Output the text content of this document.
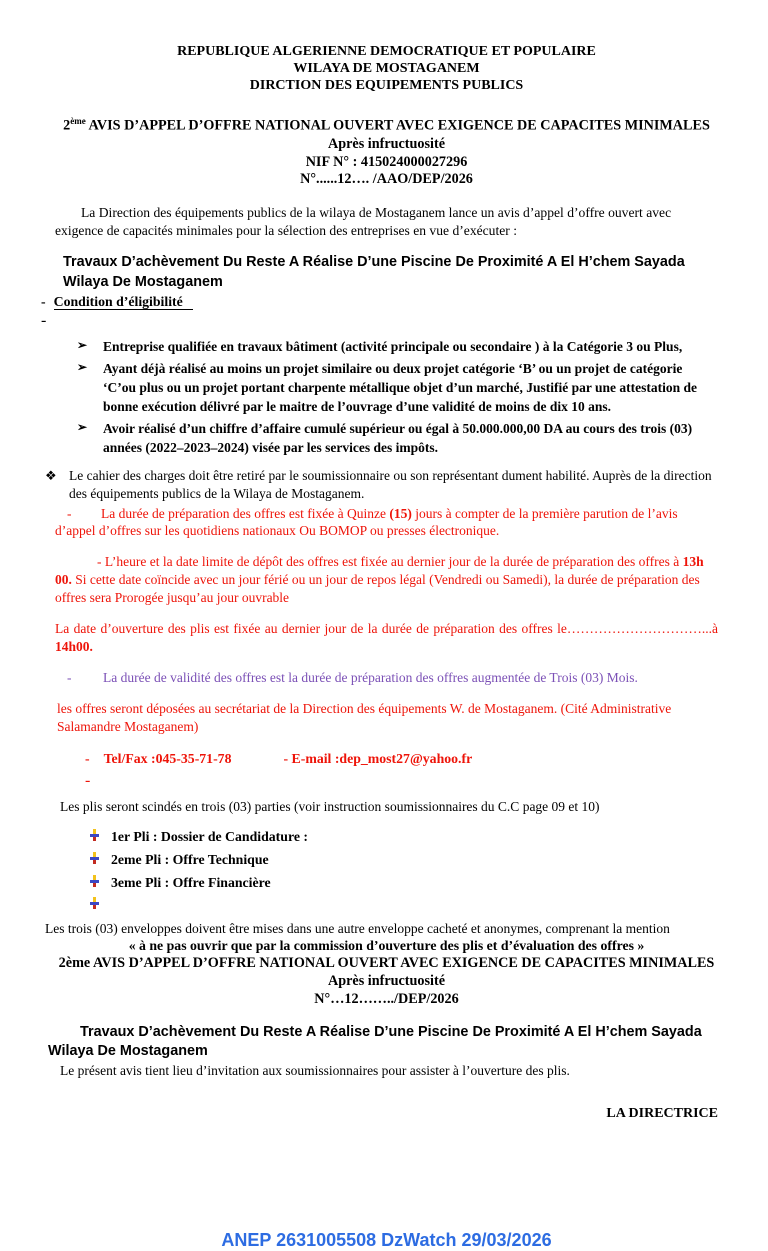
REPUBLIQUE ALGERIENNE DEMOCRATIQUE ET POPULAIRE
WILAYA DE MOSTAGANEM
DIRCTION DES EQUIPEMENTS PUBLICS
2ème AVIS D’APPEL D’OFFRE NATIONAL OUVERT AVEC EXIGENCE DE CAPACITES MINIMALES
Après infructuosité
NIF N° : 415024000027296
N°......12…. /AAO/DEP/2026

La Direction des équipements publics de la wilaya de Mostaganem lance un avis d’appel d’offre ouvert avec exigence de capacités minimales pour la sélection des entreprises en vue d’exécuter :

Travaux D’achèvement Du Reste A Réalise D’une Piscine De Proximité A El H’chem Sayada Wilaya De Mostaganem
- Condition d’éligibilité
-
➢ Entreprise qualifiée en travaux bâtiment (activité principale ou secondaire ) à la Catégorie 3 ou Plus,
➢ Ayant déjà réalisé au moins un projet similaire ou deux projet catégorie ‘B’ ou un projet de catégorie ‘C’ou plus ou un projet portant charpente métallique objet d’un marché, Justifié par une attestation de bonne exécution délivré par le maitre de l’ouvrage d’une validité de moins de dix 10 ans.
➢ Avoir réalisé d’un chiffre d’affaire cumulé supérieur ou égal à 50.000.000,00 DA au cours des trois (03) années (2022–2023–2024) visée par les services des impôts.
❖ Le cahier des charges doit être retiré par le soumissionnaire ou son représentant dument habilité. Auprès de la direction des équipements publics de la Wilaya de Mostaganem.

- La durée de préparation des offres est fixée à Quinze (15) jours à compter de la première parution de l’avis d’appel d’offres sur les quotidiens nationaux Ou BOMOP ou presses électronique.

- L’heure et la date limite de dépôt des offres est fixée au dernier jour de la durée de préparation des offres à 13h 00. Si cette date coïncide avec un jour férié ou un jour de repos légal (Vendredi ou Samedi), la durée de préparation des offres sera Prorogée jusqu’au jour ouvrable

La date d’ouverture des plis est fixée au dernier jour de la durée de préparation des offres le…………………………...à 14h00.

- La durée de validité des offres est la durée de préparation des offres augmentée de Trois (03) Mois.

les offres seront déposées au secrétariat de la Direction des équipements W. de Mostaganem. (Cité Administrative Salamandre Mostaganem)

- Tel/Fax :045-35-71-78	- E-mail :dep_most27@yahoo.fr
-

Les plis seront scindés en trois (03) parties (voir instruction soumissionnaires du C.C page 09 et 10)

1er Pli : Dossier de Candidature :
2eme Pli : Offre Technique
3eme Pli : Offre Financière
Les trois (03) enveloppes doivent être mises dans une autre enveloppe cacheté et anonymes, comprenant la mention
« à ne pas ouvrir que par la commission d’ouverture des plis et d’évaluation des offres »
2ème AVIS D’APPEL D’OFFRE NATIONAL OUVERT AVEC EXIGENCE DE CAPACITES MINIMALES
Après infructuosité
N°…12……../DEP/2026
Travaux D’achèvement Du Reste A Réalise D’une Piscine De Proximité A El H’chem Sayada Wilaya De Mostaganem

Le présent avis tient lieu d’invitation aux soumissionnaires pour assister à l’ouverture des plis.

LA DIRECTRICE
ANEP 2631005508 DzWatch 29/03/2026
